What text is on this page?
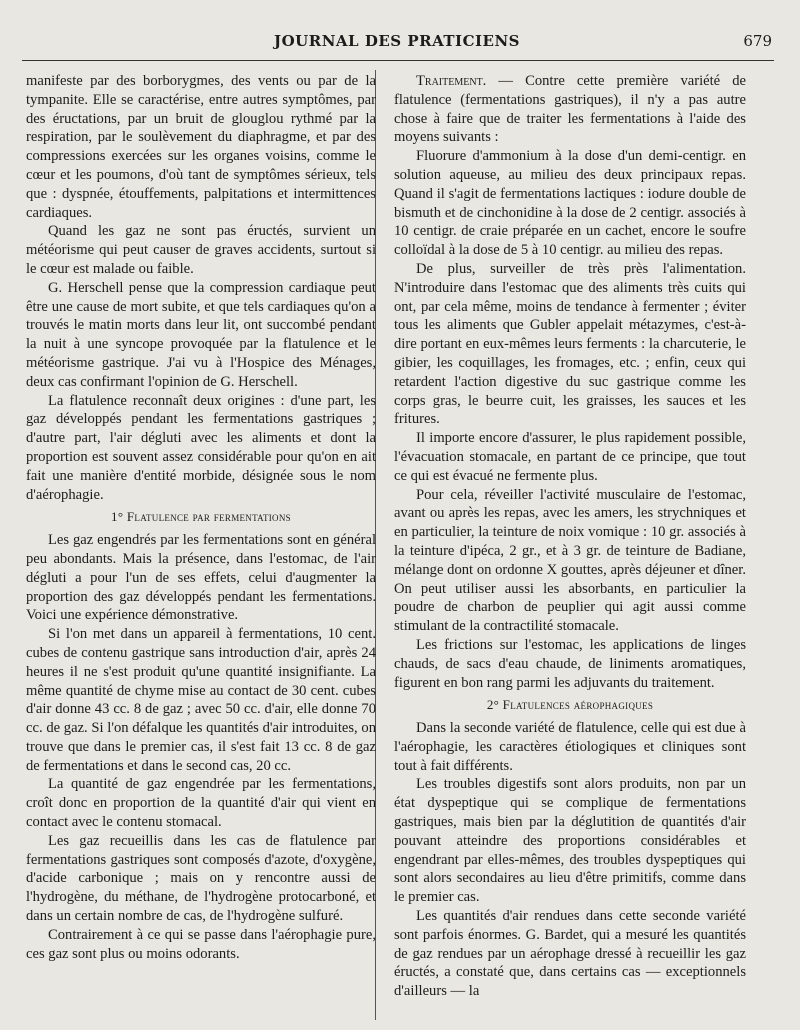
JOURNAL DES PRATICIENS	679

manifeste par des borborygmes, des vents ou par de la tympanite. Elle se caractérise, entre autres symptômes, par des éructations, par un bruit de glouglou rythmé par la respiration, par le soulèvement du diaphragme, et par des compressions exercées sur les organes voisins, comme le cœur et les poumons, d'où tant de symptômes sérieux, tels que : dyspnée, étouffements, palpitations et intermittences cardiaques.

Quand les gaz ne sont pas éructés, survient un météorisme qui peut causer de graves accidents, surtout si le cœur est malade ou faible.

G. Herschell pense que la compression cardiaque peut être une cause de mort subite, et que tels cardiaques qu'on a trouvés le matin morts dans leur lit, ont succombé pendant la nuit à une syncope provoquée par la flatulence et le météorisme gastrique. J'ai vu à l'Hospice des Ménages, deux cas confirmant l'opinion de G. Herschell.

La flatulence reconnaît deux origines : d'une part, les gaz développés pendant les fermentations gastriques ; d'autre part, l'air dégluti avec les aliments et dont la proportion est souvent assez considérable pour qu'on en ait fait une manière d'entité morbide, désignée sous le nom d'aérophagie.

1° Flatulence par fermentations

Les gaz engendrés par les fermentations sont en général peu abondants. Mais la présence, dans l'estomac, de l'air dégluti a pour l'un de ses effets, celui d'augmenter la proportion des gaz développés pendant les fermentations. Voici une expérience démonstrative.

Si l'on met dans un appareil à fermentations, 10 cent. cubes de contenu gastrique sans introduction d'air, après 24 heures il ne s'est produit qu'une quantité insignifiante. La même quantité de chyme mise au contact de 30 cent. cubes d'air donne 43 cc. 8 de gaz ; avec 50 cc. d'air, elle donne 70 cc. de gaz. Si l'on défalque les quantités d'air introduites, on trouve que dans le premier cas, il s'est fait 13 cc. 8 de gaz de fermentations et dans le second cas, 20 cc.

La quantité de gaz engendrée par les fermentations, croît donc en proportion de la quantité d'air qui vient en contact avec le contenu stomacal.

Les gaz recueillis dans les cas de flatulence par fermentations gastriques sont composés d'azote, d'oxygène, d'acide carbonique ; mais on y rencontre aussi de l'hydrogène, du méthane, de l'hydrogène protocarboné, et dans un certain nombre de cas, de l'hydrogène sulfuré.

Contrairement à ce qui se passe dans l'aérophagie pure, ces gaz sont plus ou moins odorants.

Traitement. — Contre cette première variété de flatulence (fermentations gastriques), il n'y a pas autre chose à faire que de traiter les fermentations à l'aide des moyens suivants :

Fluorure d'ammonium à la dose d'un demi-centigr. en solution aqueuse, au milieu des deux principaux repas. Quand il s'agit de fermentations lactiques : iodure double de bismuth et de cinchonidine à la dose de 2 centigr. associés à 10 centigr. de craie préparée en un cachet, encore le soufre colloïdal à la dose de 5 à 10 centigr. au milieu des repas.

De plus, surveiller de très près l'alimentation. N'introduire dans l'estomac que des aliments très cuits qui ont, par cela même, moins de tendance à fermenter ; éviter tous les aliments que Gubler appelait métazymes, c'est-à-dire portant en eux-mêmes leurs ferments : la charcuterie, le gibier, les coquillages, les fromages, etc. ; enfin, ceux qui retardent l'action digestive du suc gastrique comme les corps gras, le beurre cuit, les graisses, les sauces et les fritures.

Il importe encore d'assurer, le plus rapidement possible, l'évacuation stomacale, en partant de ce principe, que tout ce qui est évacué ne fermente plus.

Pour cela, réveiller l'activité musculaire de l'estomac, avant ou après les repas, avec les amers, les strychniques et en particulier, la teinture de noix vomique : 10 gr. associés à la teinture d'ipéca, 2 gr., et à 3 gr. de teinture de Badiane, mélange dont on ordonne X gouttes, après déjeuner et dîner. On peut utiliser aussi les absorbants, en particulier la poudre de charbon de peuplier qui agit aussi comme stimulant de la contractilité stomacale.

Les frictions sur l'estomac, les applications de linges chauds, de sacs d'eau chaude, de liniments aromatiques, figurent en bon rang parmi les adjuvants du traitement.

2° Flatulences aérophagiques

Dans la seconde variété de flatulence, celle qui est due à l'aérophagie, les caractères étiologiques et cliniques sont tout à fait différents.

Les troubles digestifs sont alors produits, non par un état dyspeptique qui se complique de fermentations gastriques, mais bien par la déglutition de quantités d'air pouvant atteindre des proportions considérables et engendrant par elles-mêmes, des troubles dyspeptiques qui sont alors secondaires au lieu d'être primitifs, comme dans le premier cas.

Les quantités d'air rendues dans cette seconde variété sont parfois énormes. G. Bardet, qui a mesuré les quantités de gaz rendues par un aérophage dressé à recueillir les gaz éructés, a constaté que, dans certains cas — exceptionnels d'ailleurs — la
